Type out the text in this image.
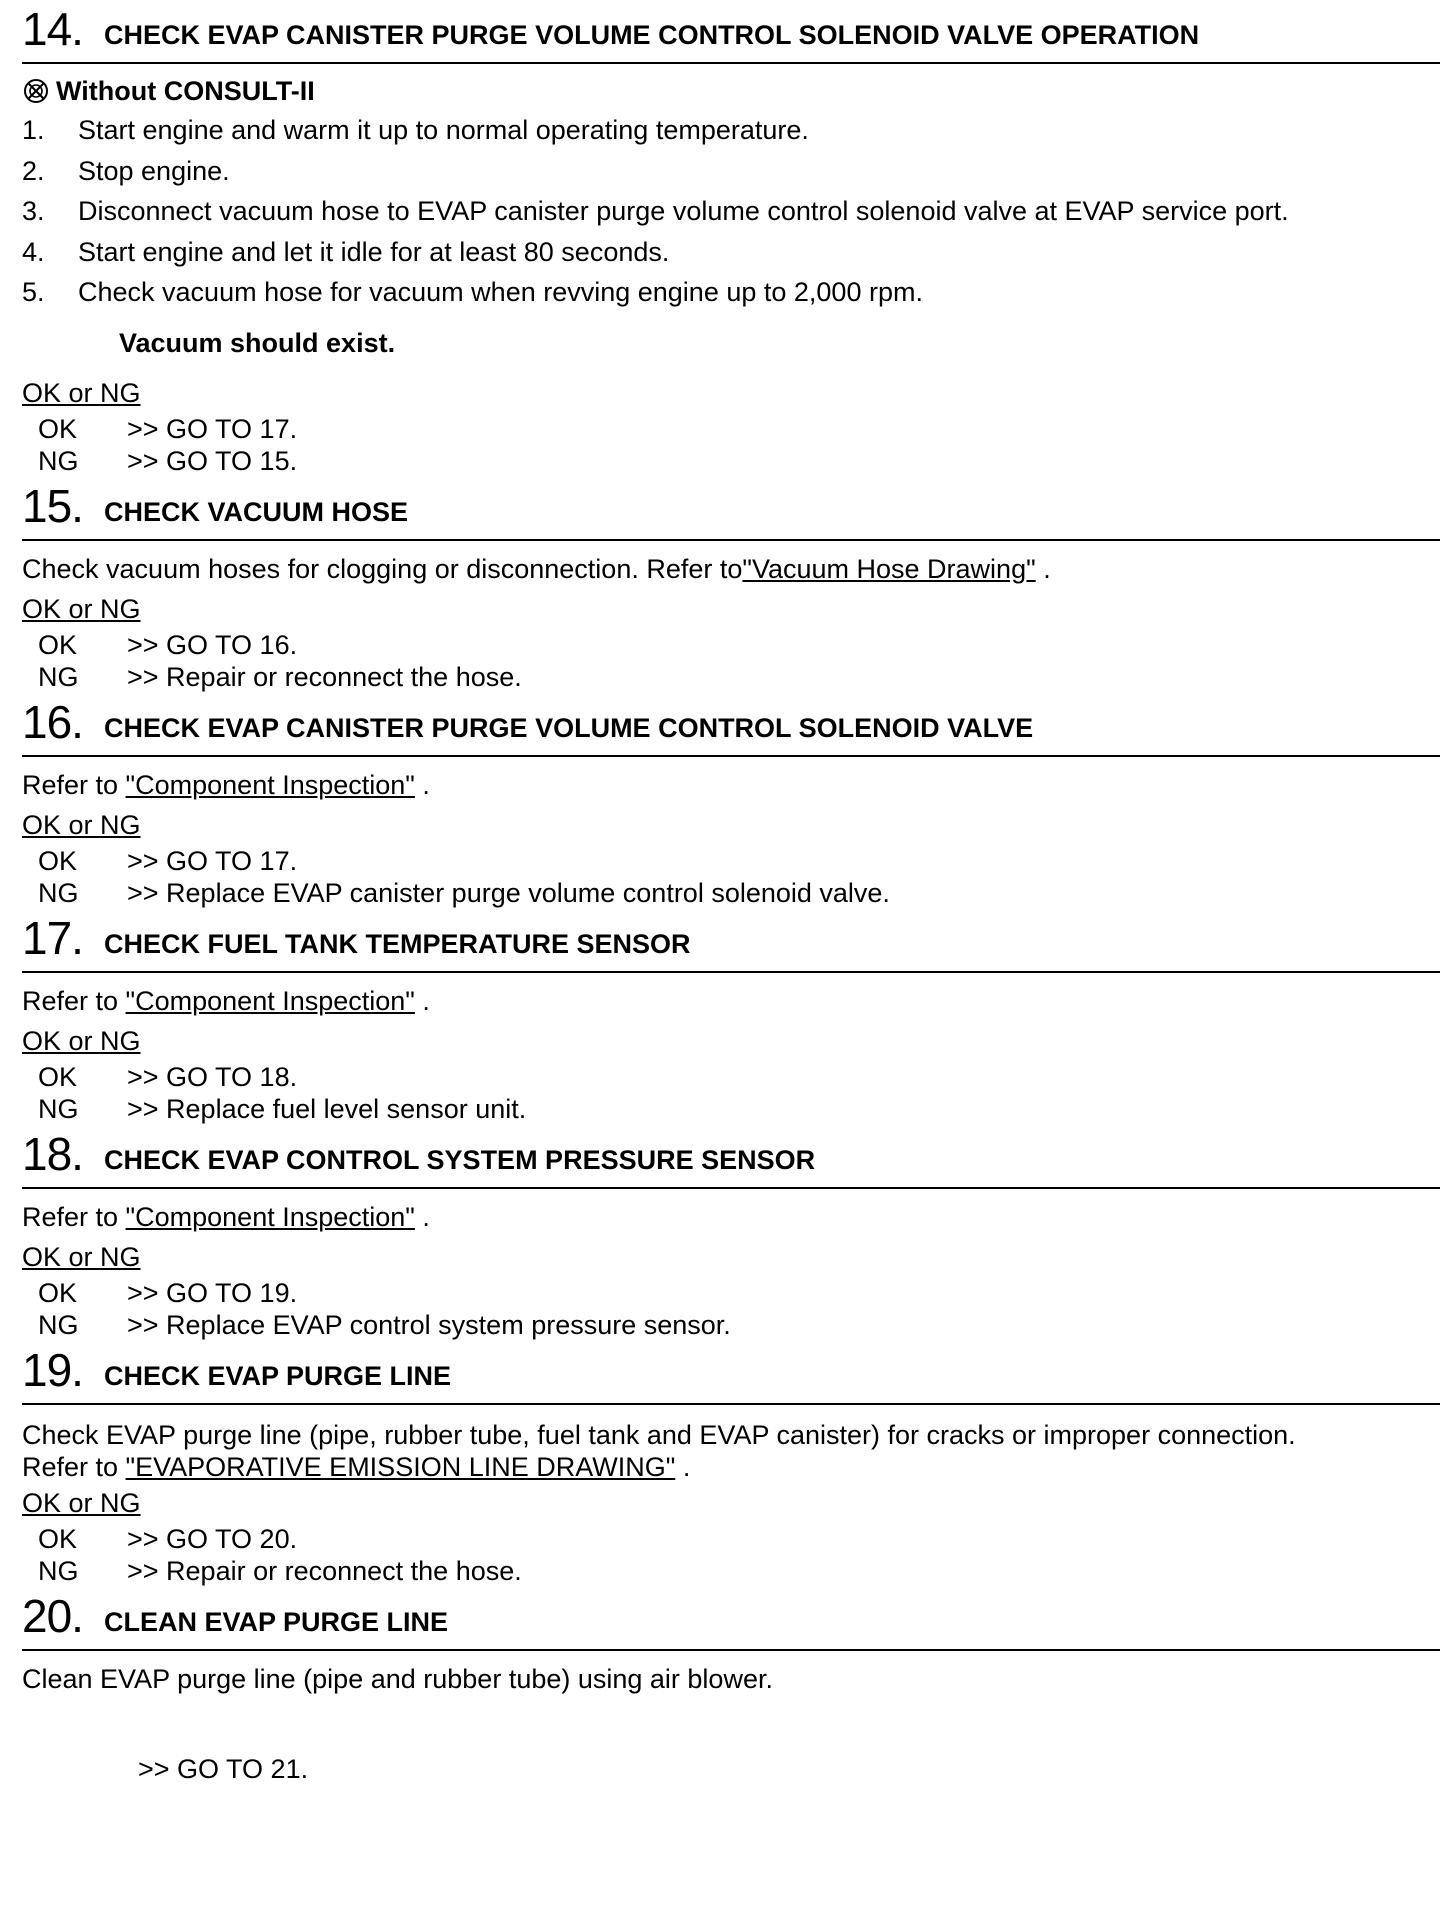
14. CHECK EVAP CANISTER PURGE VOLUME CONTROL SOLENOID VALVE OPERATION
Without CONSULT-II
1. Start engine and warm it up to normal operating temperature.
2. Stop engine.
3. Disconnect vacuum hose to EVAP canister purge volume control solenoid valve at EVAP service port.
4. Start engine and let it idle for at least 80 seconds.
5. Check vacuum hose for vacuum when revving engine up to 2,000 rpm.
Vacuum should exist.
OK or NG
OK >> GO TO 17.
NG >> GO TO 15.
15. CHECK VACUUM HOSE
Check vacuum hoses for clogging or disconnection. Refer to"Vacuum Hose Drawing" .
OK or NG
OK >> GO TO 16.
NG >> Repair or reconnect the hose.
16. CHECK EVAP CANISTER PURGE VOLUME CONTROL SOLENOID VALVE
Refer to "Component Inspection" .
OK or NG
OK >> GO TO 17.
NG >> Replace EVAP canister purge volume control solenoid valve.
17. CHECK FUEL TANK TEMPERATURE SENSOR
Refer to "Component Inspection" .
OK or NG
OK >> GO TO 18.
NG >> Replace fuel level sensor unit.
18. CHECK EVAP CONTROL SYSTEM PRESSURE SENSOR
Refer to "Component Inspection" .
OK or NG
OK >> GO TO 19.
NG >> Replace EVAP control system pressure sensor.
19. CHECK EVAP PURGE LINE
Check EVAP purge line (pipe, rubber tube, fuel tank and EVAP canister) for cracks or improper connection.
Refer to "EVAPORATIVE EMISSION LINE DRAWING" .
OK or NG
OK >> GO TO 20.
NG >> Repair or reconnect the hose.
20. CLEAN EVAP PURGE LINE
Clean EVAP purge line (pipe and rubber tube) using air blower.
>> GO TO 21.
